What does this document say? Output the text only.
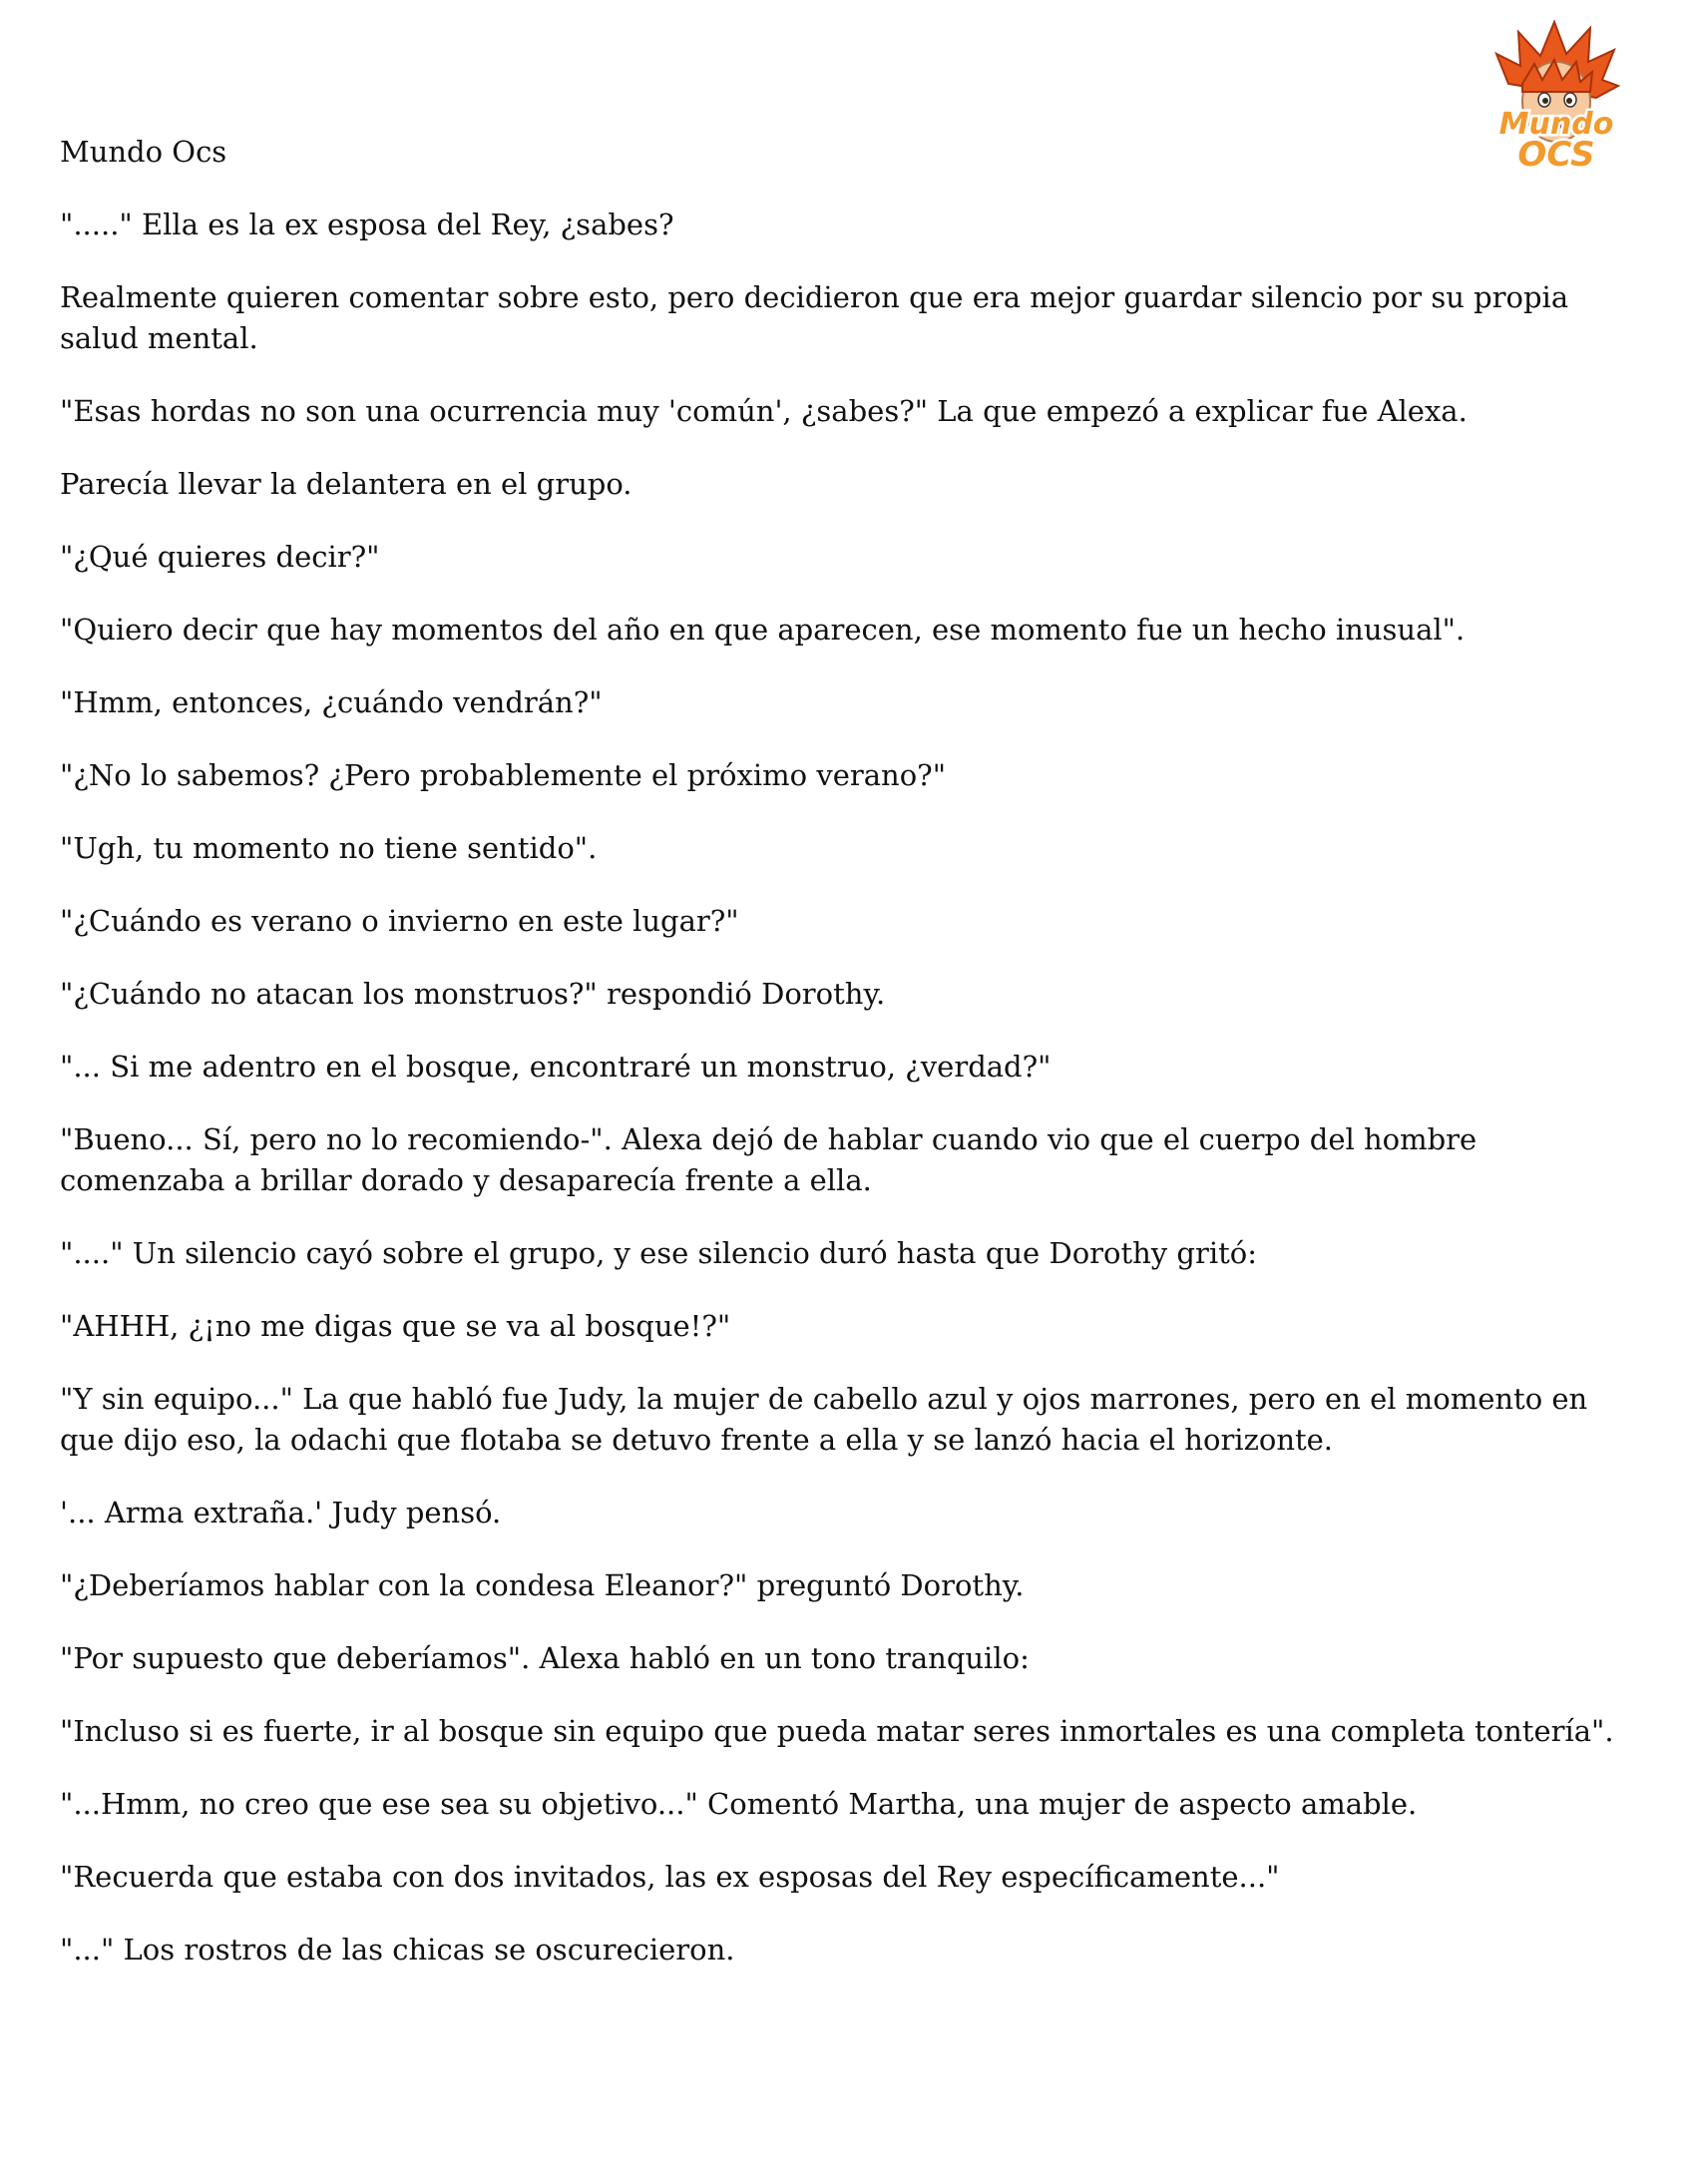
Mundo
OCS

Mundo Ocs

"....." Ella es la ex esposa del Rey, ¿sabes?

Realmente quieren comentar sobre esto, pero decidieron que era mejor guardar silencio por su propia salud mental.

"Esas hordas no son una ocurrencia muy 'común', ¿sabes?" La que empezó a explicar fue Alexa.

Parecía llevar la delantera en el grupo.

"¿Qué quieres decir?"

"Quiero decir que hay momentos del año en que aparecen, ese momento fue un hecho inusual".

"Hmm, entonces, ¿cuándo vendrán?"

"¿No lo sabemos? ¿Pero probablemente el próximo verano?"

"Ugh, tu momento no tiene sentido".

"¿Cuándo es verano o invierno en este lugar?"

"¿Cuándo no atacan los monstruos?" respondió Dorothy.

"... Si me adentro en el bosque, encontraré un monstruo, ¿verdad?"

"Bueno... Sí, pero no lo recomiendo-". Alexa dejó de hablar cuando vio que el cuerpo del hombre comenzaba a brillar dorado y desaparecía frente a ella.

"...." Un silencio cayó sobre el grupo, y ese silencio duró hasta que Dorothy gritó:

"AHHH, ¿¡no me digas que se va al bosque!?"

"Y sin equipo..." La que habló fue Judy, la mujer de cabello azul y ojos marrones, pero en el momento en que dijo eso, la odachi que flotaba se detuvo frente a ella y se lanzó hacia el horizonte.

'... Arma extraña.' Judy pensó.

"¿Deberíamos hablar con la condesa Eleanor?" preguntó Dorothy.

"Por supuesto que deberíamos". Alexa habló en un tono tranquilo:

"Incluso si es fuerte, ir al bosque sin equipo que pueda matar seres inmortales es una completa tontería".

"...Hmm, no creo que ese sea su objetivo..." Comentó Martha, una mujer de aspecto amable.

"Recuerda que estaba con dos invitados, las ex esposas del Rey específicamente..."

"..." Los rostros de las chicas se oscurecieron.
